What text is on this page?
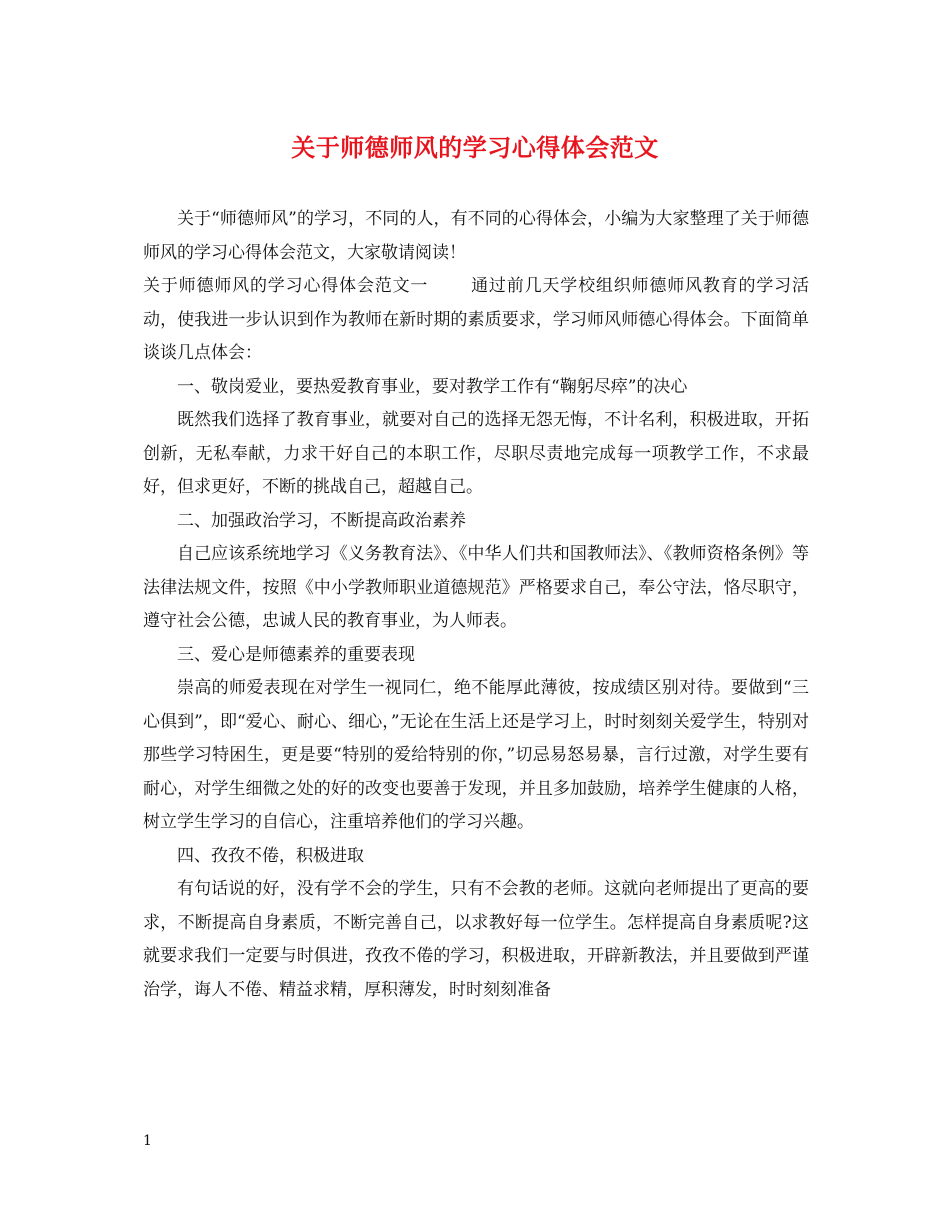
关于师德师风的学习心得体会范文

关于“师德师风”的学习，不同的人，有不同的心得体会，小编为大家整理了关于师德师风的学习心得体会范文，大家敬请阅读！

关于师德师风的学习心得体会范文一 通过前几天学校组织师德师风教育的学习活动，使我进一步认识到作为教师在新时期的素质要求，学习师风师德心得体会。下面简单谈谈几点体会：

一、敬岗爱业，要热爱教育事业，要对教学工作有“鞠躬尽瘁”的决心

既然我们选择了教育事业，就要对自己的选择无怨无悔，不计名利，积极进取，开拓创新，无私奉献，力求干好自己的本职工作，尽职尽责地完成每一项教学工作，不求最好，但求更好，不断的挑战自己，超越自己。

二、加强政治学习，不断提高政治素养

自己应该系统地学习《义务教育法》、《中华人们共和国教师法》、《教师资格条例》等法律法规文件，按照《中小学教师职业道德规范》严格要求自己，奉公守法，恪尽职守，遵守社会公德，忠诚人民的教育事业，为人师表。

三、爱心是师德素养的重要表现

崇高的师爱表现在对学生一视同仁，绝不能厚此薄彼，按成绩区别对待。要做到“三心俱到”，即“爱心、耐心、细心，”无论在生活上还是学习上，时时刻刻关爱学生，特别对那些学习特困生，更是要“特别的爱给特别的你，”切忌易怒易暴，言行过激，对学生要有耐心，对学生细微之处的好的改变也要善于发现，并且多加鼓励，培养学生健康的人格，树立学生学习的自信心，注重培养他们的学习兴趣。

四、孜孜不倦，积极进取

有句话说的好，没有学不会的学生，只有不会教的老师。这就向老师提出了更高的要求，不断提高自身素质，不断完善自己，以求教好每一位学生。怎样提高自身素质呢?这就要求我们一定要与时俱进，孜孜不倦的学习，积极进取，开辟新教法，并且要做到严谨治学，诲人不倦、精益求精，厚积薄发，时时刻刻准备

1
